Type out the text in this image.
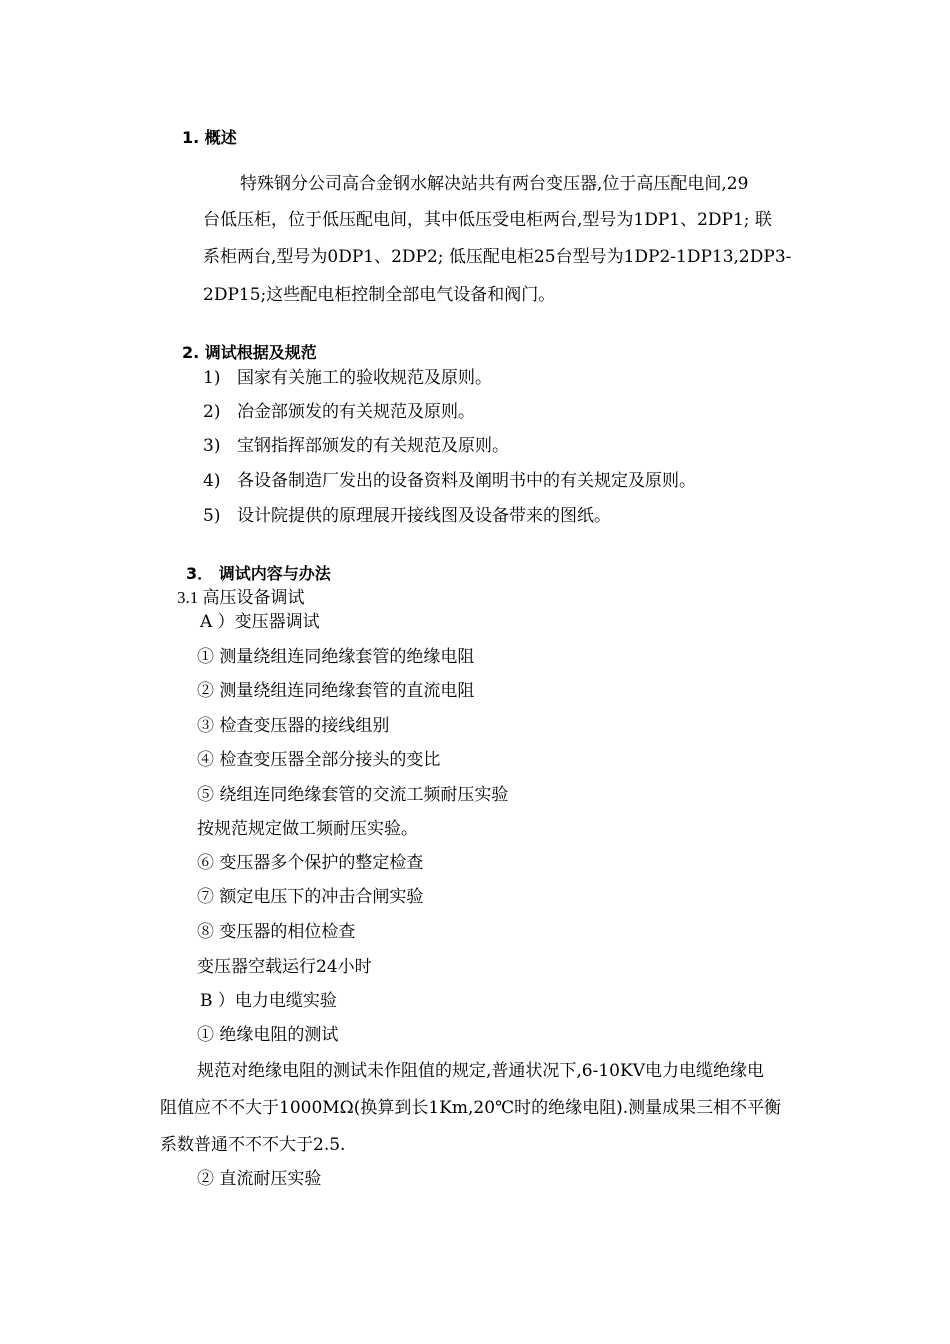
1. 概述
特殊钢分公司高合金钢水解决站共有两台变压器,位于高压配电间,29
台低压柜，位于低压配电间，其中低压受电柜两台,型号为1DP1、2DP1; 联
系柜两台,型号为0DP1、2DP2; 低压配电柜25台型号为1DP2-1DP13,2DP3-
2DP15;这些配电柜控制全部电气设备和阀门。
2. 调试根据及规范
1) 国家有关施工的验收规范及原则。
2) 冶金部颁发的有关规范及原则。
3) 宝钢指挥部颁发的有关规范及原则。
4) 各设备制造厂发出的设备资料及阐明书中的有关规定及原则。
5) 设计院提供的原理展开接线图及设备带来的图纸。
3． 调试内容与办法
3.1 高压设备调试
A ）变压器调试
① 测量绕组连同绝缘套管的绝缘电阻
② 测量绕组连同绝缘套管的直流电阻
③ 检查变压器的接线组别
④ 检查变压器全部分接头的变比
⑤ 绕组连同绝缘套管的交流工频耐压实验
按规范规定做工频耐压实验。
⑥ 变压器多个保护的整定检查
⑦ 额定电压下的冲击合闸实验
⑧ 变压器的相位检查
变压器空载运行24小时
B ）电力电缆实验
① 绝缘电阻的测试
规范对绝缘电阻的测试未作阻值的规定,普通状况下,6-10KV电力电缆绝缘电
阻值应不不大于1000MΩ(换算到长1Km,20℃时的绝缘电阻).测量成果三相不平衡
系数普通不不不大于2.5.
② 直流耐压实验
